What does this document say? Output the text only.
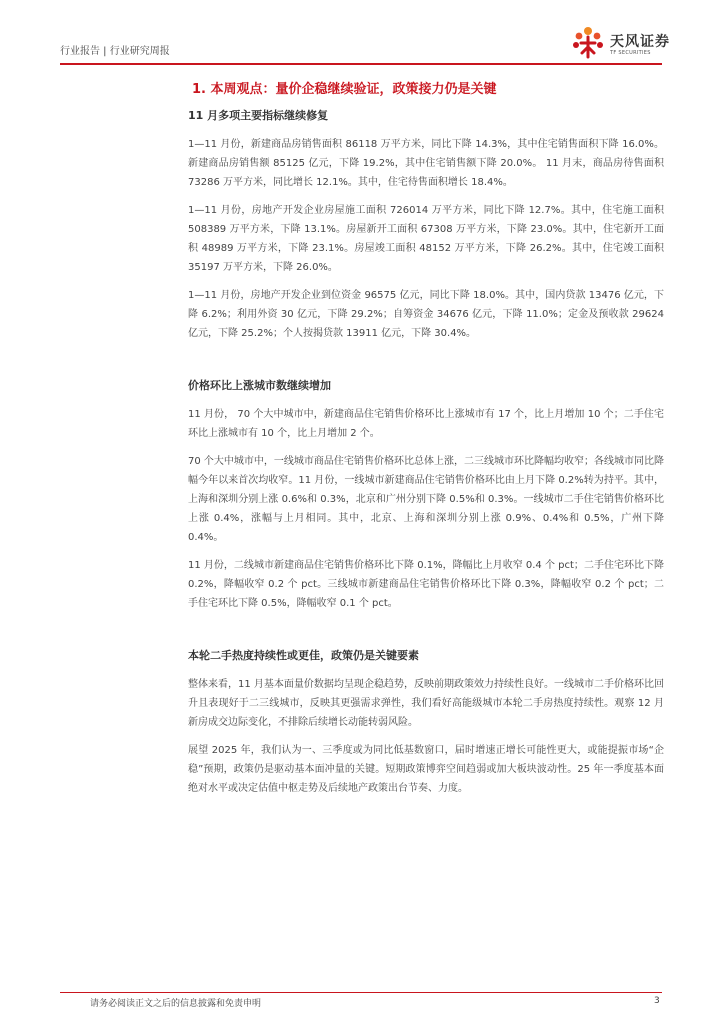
行业报告 | 行业研究周报
天风证券
TF SECURITIES
1. 本周观点：量价企稳继续验证，政策接力仍是关键
11 月多项主要指标继续修复

1—11 月份，新建商品房销售面积 86118 万平方米，同比下降 14.3%，其中住宅销售面积下降 16.0%。新建商品房销售额 85125 亿元，下降 19.2%，其中住宅销售额下降 20.0%。 11 月末，商品房待售面积 73286 万平方米，同比增长 12.1%。其中，住宅待售面积增长 18.4%。

1—11 月份，房地产开发企业房屋施工面积 726014 万平方米，同比下降 12.7%。其中，住宅施工面积 508389 万平方米，下降 13.1%。房屋新开工面积 67308 万平方米，下降 23.0%。其中，住宅新开工面积 48989 万平方米，下降 23.1%。房屋竣工面积 48152 万平方米，下降 26.2%。其中，住宅竣工面积 35197 万平方米，下降 26.0%。

1—11 月份，房地产开发企业到位资金 96575 亿元，同比下降 18.0%。其中，国内贷款 13476 亿元，下降 6.2%；利用外资 30 亿元，下降 29.2%；自筹资金 34676 亿元，下降 11.0%；定金及预收款 29624 亿元，下降 25.2%；个人按揭贷款 13911 亿元，下降 30.4%。

价格环比上涨城市数继续增加

11 月份， 70 个大中城市中，新建商品住宅销售价格环比上涨城市有 17 个，比上月增加 10 个；二手住宅环比上涨城市有 10 个，比上月增加 2 个。

70 个大中城市中，一线城市商品住宅销售价格环比总体上涨，二三线城市环比降幅均收窄；各线城市同比降幅今年以来首次均收窄。11 月份，一线城市新建商品住宅销售价格环比由上月下降 0.2%转为持平。其中，上海和深圳分别上涨 0.6%和 0.3%，北京和广州分别下降 0.5%和 0.3%。一线城市二手住宅销售价格环比上涨 0.4%，涨幅与上月相同。其中，北京、上海和深圳分别上涨 0.9%、0.4%和 0.5%，广州下降 0.4%。

11 月份，二线城市新建商品住宅销售价格环比下降 0.1%，降幅比上月收窄 0.4 个 pct；二手住宅环比下降 0.2%，降幅收窄 0.2 个 pct。三线城市新建商品住宅销售价格环比下降 0.3%，降幅收窄 0.2 个 pct；二手住宅环比下降 0.5%，降幅收窄 0.1 个 pct。

本轮二手热度持续性或更佳，政策仍是关键要素

整体来看，11 月基本面量价数据均呈现企稳趋势，反映前期政策效力持续性良好。一线城市二手价格环比回升且表现好于二三线城市，反映其更强需求弹性，我们看好高能级城市本轮二手房热度持续性。观察 12 月新房成交边际变化，不排除后续增长动能转弱风险。

展望 2025 年，我们认为一、三季度或为同比低基数窗口，届时增速正增长可能性更大，或能提振市场“企稳”预期，政策仍是驱动基本面冲量的关键。短期政策博弈空间趋弱或加大板块波动性。25 年一季度基本面绝对水平或决定估值中枢走势及后续地产政策出台节奏、力度。

请务必阅读正文之后的信息披露和免责申明	3
